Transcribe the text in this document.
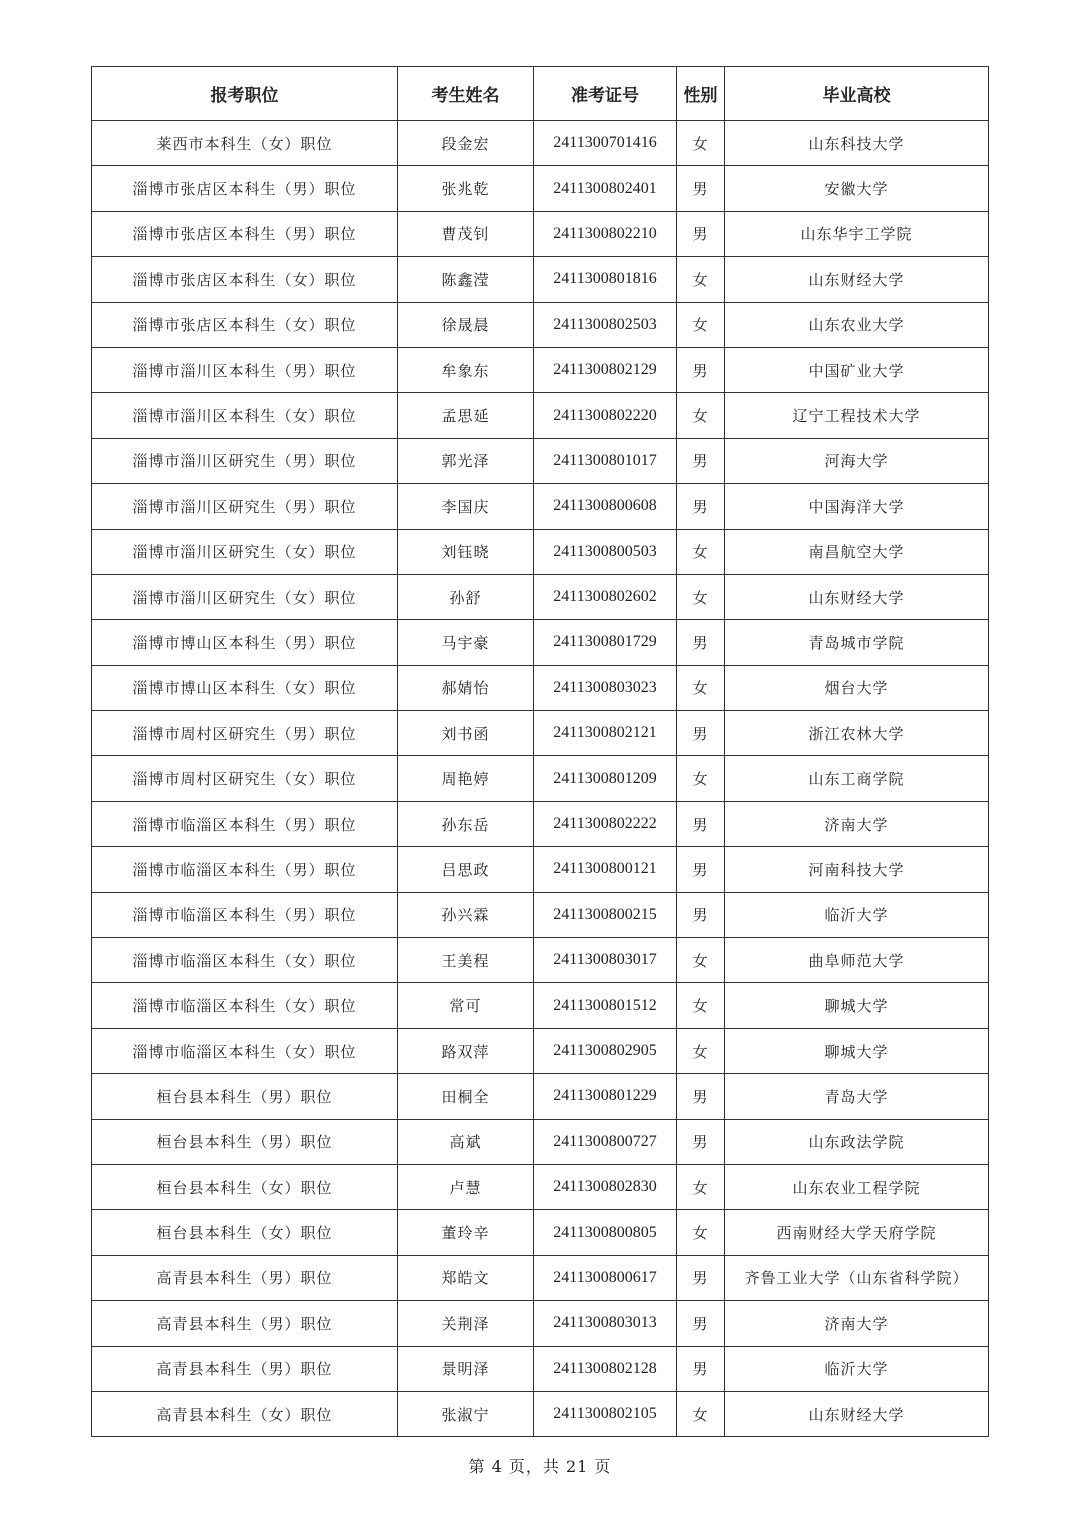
报考职位	考生姓名	准考证号	性别	毕业高校
莱西市本科生（女）职位	段金宏	2411300701416	女	山东科技大学
淄博市张店区本科生（男）职位	张兆乾	2411300802401	男	安徽大学
淄博市张店区本科生（男）职位	曹茂钊	2411300802210	男	山东华宇工学院
淄博市张店区本科生（女）职位	陈鑫滢	2411300801816	女	山东财经大学
淄博市张店区本科生（女）职位	徐晟晨	2411300802503	女	山东农业大学
淄博市淄川区本科生（男）职位	牟象东	2411300802129	男	中国矿业大学
淄博市淄川区本科生（女）职位	孟思延	2411300802220	女	辽宁工程技术大学
淄博市淄川区研究生（男）职位	郭光泽	2411300801017	男	河海大学
淄博市淄川区研究生（男）职位	李国庆	2411300800608	男	中国海洋大学
淄博市淄川区研究生（女）职位	刘钰晓	2411300800503	女	南昌航空大学
淄博市淄川区研究生（女）职位	孙舒	2411300802602	女	山东财经大学
淄博市博山区本科生（男）职位	马宇豪	2411300801729	男	青岛城市学院
淄博市博山区本科生（女）职位	郝婧怡	2411300803023	女	烟台大学
淄博市周村区研究生（男）职位	刘书函	2411300802121	男	浙江农林大学
淄博市周村区研究生（女）职位	周艳婷	2411300801209	女	山东工商学院
淄博市临淄区本科生（男）职位	孙东岳	2411300802222	男	济南大学
淄博市临淄区本科生（男）职位	吕思政	2411300800121	男	河南科技大学
淄博市临淄区本科生（男）职位	孙兴霖	2411300800215	男	临沂大学
淄博市临淄区本科生（女）职位	王美程	2411300803017	女	曲阜师范大学
淄博市临淄区本科生（女）职位	常可	2411300801512	女	聊城大学
淄博市临淄区本科生（女）职位	路双萍	2411300802905	女	聊城大学
桓台县本科生（男）职位	田桐全	2411300801229	男	青岛大学
桓台县本科生（男）职位	高斌	2411300800727	男	山东政法学院
桓台县本科生（女）职位	卢慧	2411300802830	女	山东农业工程学院
桓台县本科生（女）职位	董玲辛	2411300800805	女	西南财经大学天府学院
高青县本科生（男）职位	郑皓文	2411300800617	男	齐鲁工业大学（山东省科学院）
高青县本科生（男）职位	关荆泽	2411300803013	男	济南大学
高青县本科生（男）职位	景明泽	2411300802128	男	临沂大学
高青县本科生（女）职位	张淑宁	2411300802105	女	山东财经大学
第 4 页，共 21 页
